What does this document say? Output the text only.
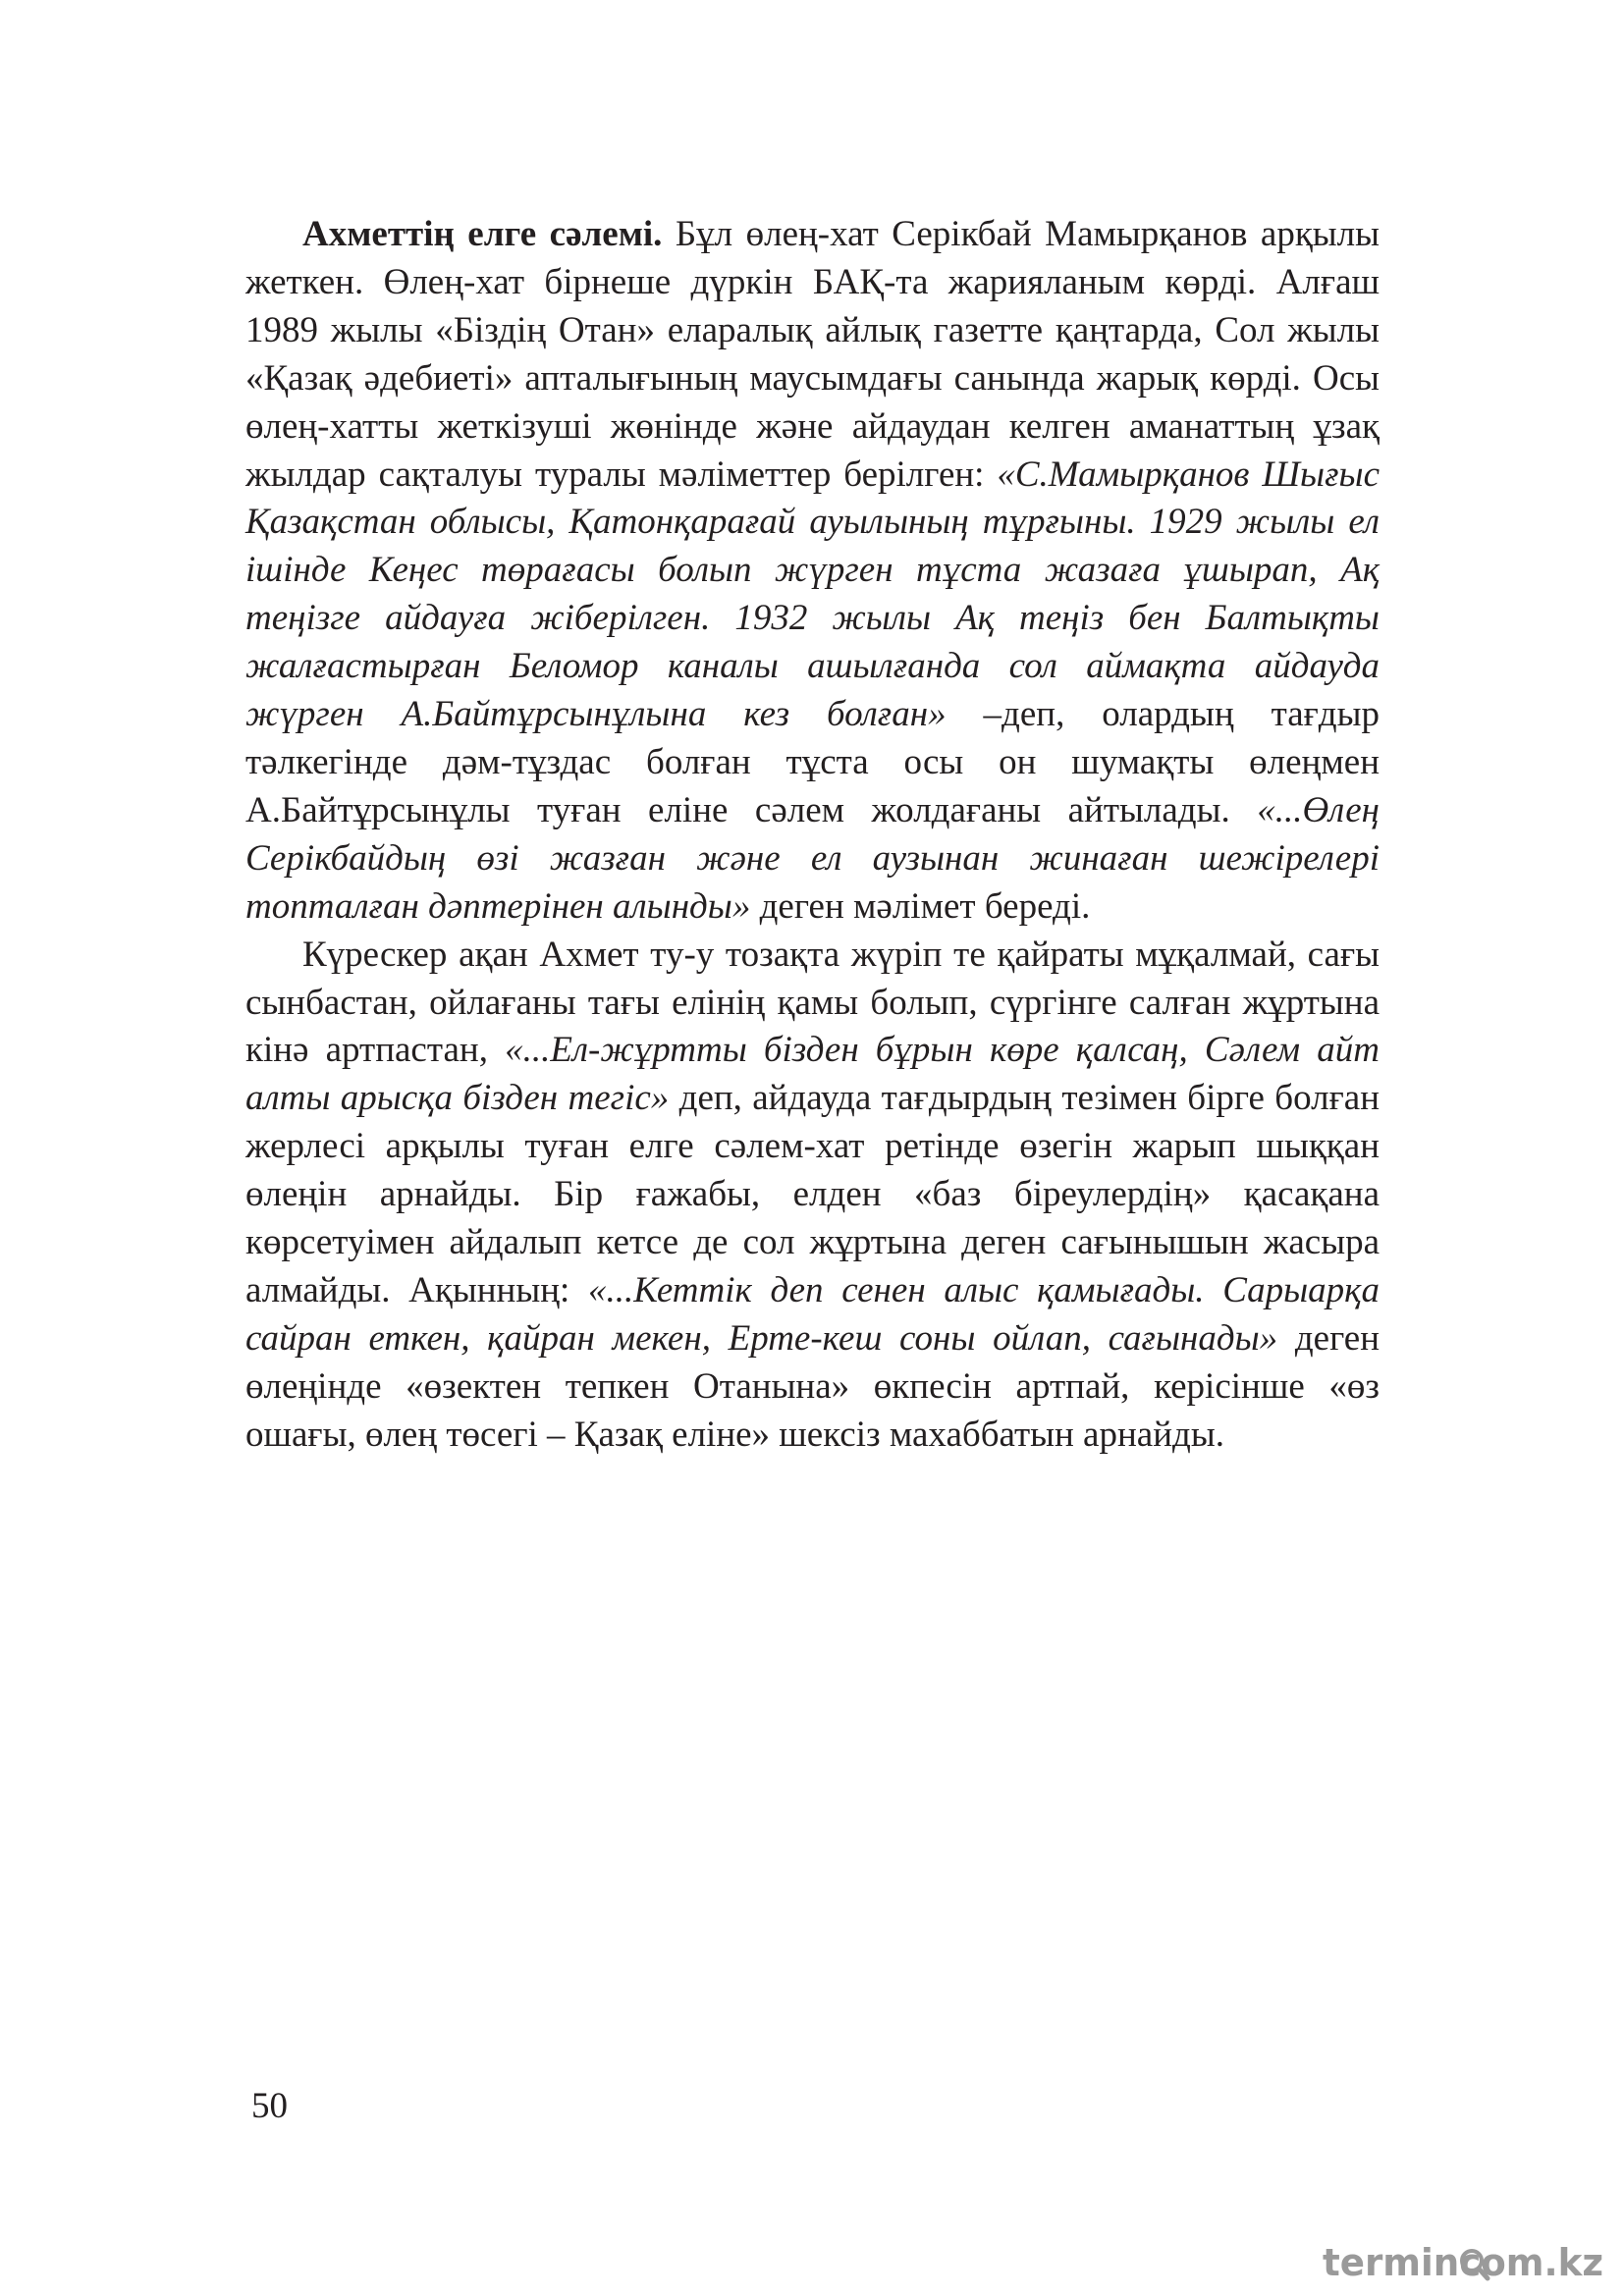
Ахметтің елге сәлемі. Бұл өлең-хат Серікбай Мамырқанов арқылы жеткен. Өлең-хат бірнеше дүркін БАҚ-та жарияланым көрді. Алғаш 1989 жылы «Біздің Отан» еларалық айлық газетте қаңтарда, Сол жылы «Қазақ әдебиеті» апталығының маусымдағы санында жарық көрді. Осы өлең-хатты жеткізуші жөнінде және айдаудан келген аманаттың ұзақ жылдар сақталуы туралы мәліметтер берілген: «С.Мамырқанов Шығыс Қазақстан облысы, Қатонқарағай ауылының тұрғыны. 1929 жылы ел ішінде Кеңес төрағасы болып жүрген тұста жазаға ұшырап, Ақ теңізге айдауға жіберілген. 1932 жылы Ақ теңіз бен Балтықты жалғастырған Беломор каналы ашылғанда сол аймақта айдауда жүрген А.Байтұрсынұлына кез болған» –деп, олардың тағдыр тәлкегінде дәм-тұздас болған тұста осы он шумақты өлеңмен А.Байтұрсынұлы туған еліне сәлем жолдағаны айтылады. «...Өлең Серікбайдың өзі жазған және ел аузынан жинаған шежірелері топталған дәптерінен алынды» деген мәлімет береді.

Күрескер ақан Ахмет ту-у тозақта жүріп те қайраты мұқалмай, сағы сынбастан, ойлағаны тағы елінің қамы болып, сүргінге салған жұртына кінә артпастан, «...Ел-жұртты бізден бұрын көре қалсаң, Сәлем айт алты арысқа бізден тегіс» деп, айдауда тағдырдың тезімен бірге болған жерлесі арқылы туған елге сәлем-хат ретінде өзегін жарып шыққан өлеңін арнайды. Бір ғажабы, елден «баз біреулердің» қасақана көрсетуімен айдалып кетсе де сол жұртына деген сағынышын жасыра алмайды. Ақынның: «...Кеттік деп сенен алыс қамығады. Сарыарқа сайран еткен, қайран мекен, Ерте-кеш соны ойлап, сағынады» деген өлеңінде «өзектен тепкен Отанына» өкпесін артпай, керісінше «өз ошағы, өлең төсегі – Қазақ еліне» шексіз махаббатын арнайды.

50
termincom.kz
